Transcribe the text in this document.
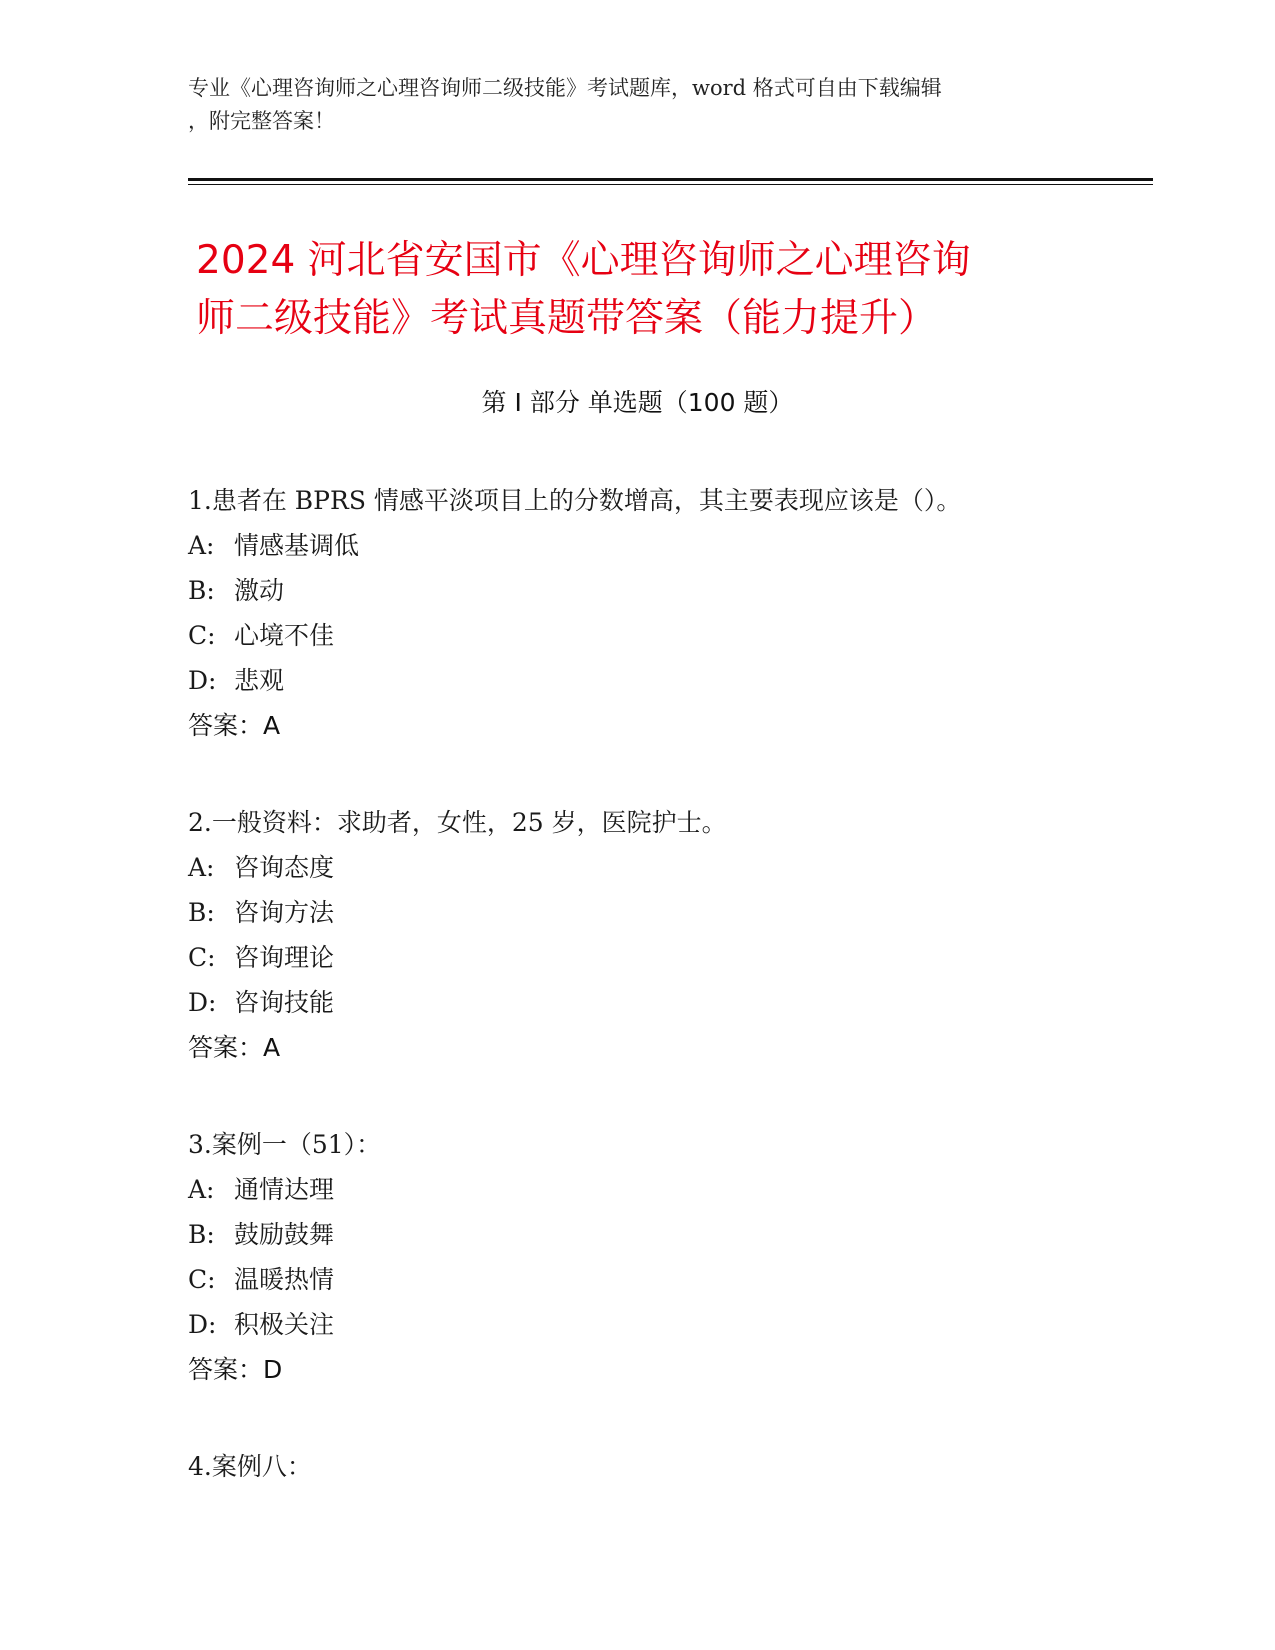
专业《心理咨询师之心理咨询师二级技能》考试题库，word 格式可自由下载编辑
，附完整答案！
2024 河北省安国市《心理咨询师之心理咨询
师二级技能》考试真题带答案（能力提升）
第 I 部分 单选题（100 题）
1.患者在 BPRS 情感平淡项目上的分数增高，其主要表现应该是（）。
A: 情感基调低
B: 激动
C: 心境不佳
D: 悲观
答案：A
2.一般资料：求助者，女性，25 岁，医院护士。
A: 咨询态度
B: 咨询方法
C: 咨询理论
D: 咨询技能
答案：A
3.案例一（51）：
A: 通情达理
B: 鼓励鼓舞
C: 温暖热情
D: 积极关注
答案：D
4.案例八：
